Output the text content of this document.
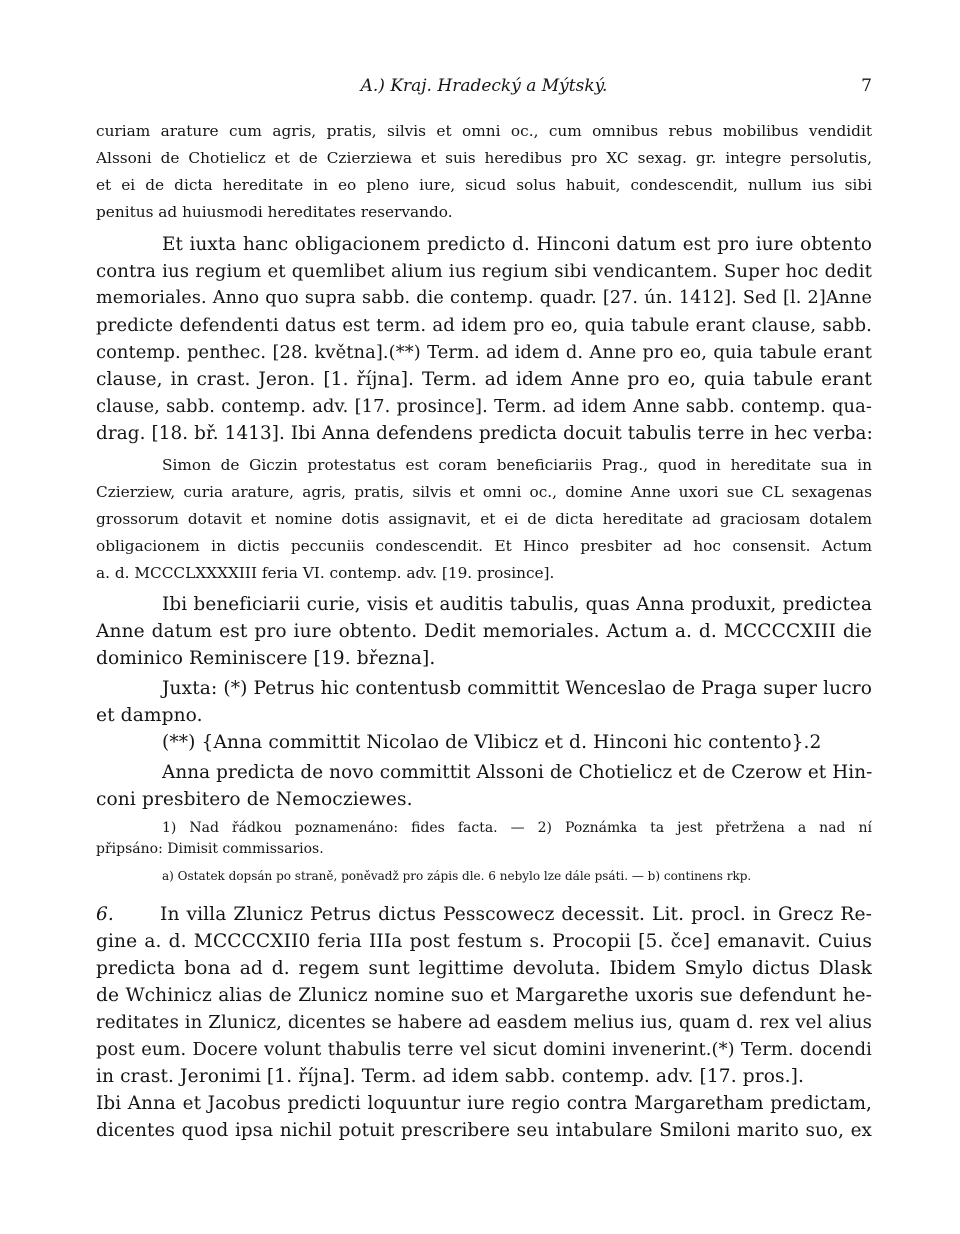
A.) Kraj. Hradecký a Mýtský.	7
curiam arature cum agris, pratis, silvis et omni oc., cum omnibus rebus mobilibus vendidit
Alssoni de Chotielicz et de Czierziewa et suis heredibus pro XC sexag. gr. integre persolutis,
et ei de dicta hereditate in eo pleno iure, sicud solus habuit, condescendit, nullum ius sibi
penitus ad huiusmodi hereditates reservando.
Et iuxta hanc obligacionem predicto d. Hinconi datum est pro iure obtento
contra ius regium et quemlibet alium ius regium sibi vendicantem. Super hoc dedit
memoriales. Anno quo supra sabb. die contemp. quadr. [27. ún. 1412]. Sed [l. 2]Anne
predicte defendenti datus est term. ad idem pro eo, quia tabule erant clause, sabb.
contemp. penthec. [28. května].(**) Term. ad idem d. Anne pro eo, quia tabule erant
clause, in crast. Jeron. [1. října]. Term. ad idem Anne pro eo, quia tabule erant
clause, sabb. contemp. adv. [17. prosince]. Term. ad idem Anne sabb. contemp. qua-
drag. [18. bř. 1413]. Ibi Anna defendens predicta docuit tabulis terre in hec verba:
Simon de Giczin protestatus est coram beneficiariis Prag., quod in hereditate sua in
Czierziew, curia arature, agris, pratis, silvis et omni oc., domine Anne uxori sue CL sexagenas
grossorum dotavit et nomine dotis assignavit, et ei de dicta hereditate ad graciosam dotalem
obligacionem in dictis peccuniis condescendit. Et Hinco presbiter ad hoc consensit. Actum
a. d. MCCCLXXXXIII feria VI. contemp. adv. [19. prosince].
Ibi beneficiarii curie, visis et auditis tabulis, quas Anna produxit, predictea
Anne datum est pro iure obtento. Dedit memoriales. Actum a. d. MCCCCXIII die
dominico Reminiscere [19. března].
Juxta: (*) Petrus hic contentusb committit Wenceslao de Praga super lucro
et dampno.
(**) {Anna committit Nicolao de Vlibicz et d. Hinconi hic contento}.2
Anna predicta de novo committit Alssoni de Chotielicz et de Czerow et Hin-
coni presbitero de Nemocziewes.
1) Nad řádkou poznamenáno: fides facta. — 2) Poznámka ta jest přetržena a nad ní
připsáno: Dimisit commissarios.
a) Ostatek dopsán po straně, poněvadž pro zápis dle. 6 nebylo lze dále psáti. — b) continens rkp.
6.	In villa Zlunicz Petrus dictus Pesscowecz decessit. Lit. procl. in Grecz Re-
gine a. d. MCCCCXII0 feria IIIa post festum s. Procopii [5. čce] emanavit. Cuius
predicta bona ad d. regem sunt legittime devoluta. Ibidem Smylo dictus Dlask
de Wchinicz alias de Zlunicz nomine suo et Margarethe uxoris sue defendunt he-
reditates in Zlunicz, dicentes se habere ad easdem melius ius, quam d. rex vel alius
post eum. Docere volunt thabulis terre vel sicut domini invenerint.(*) Term. docendi
in crast. Jeronimi [1. října]. Term. ad idem sabb. contemp. adv. [17. pros.].
Ibi Anna et Jacobus predicti loquuntur iure regio contra Margaretham predictam,
dicentes quod ipsa nichil potuit prescribere seu intabulare Smiloni marito suo, ex
